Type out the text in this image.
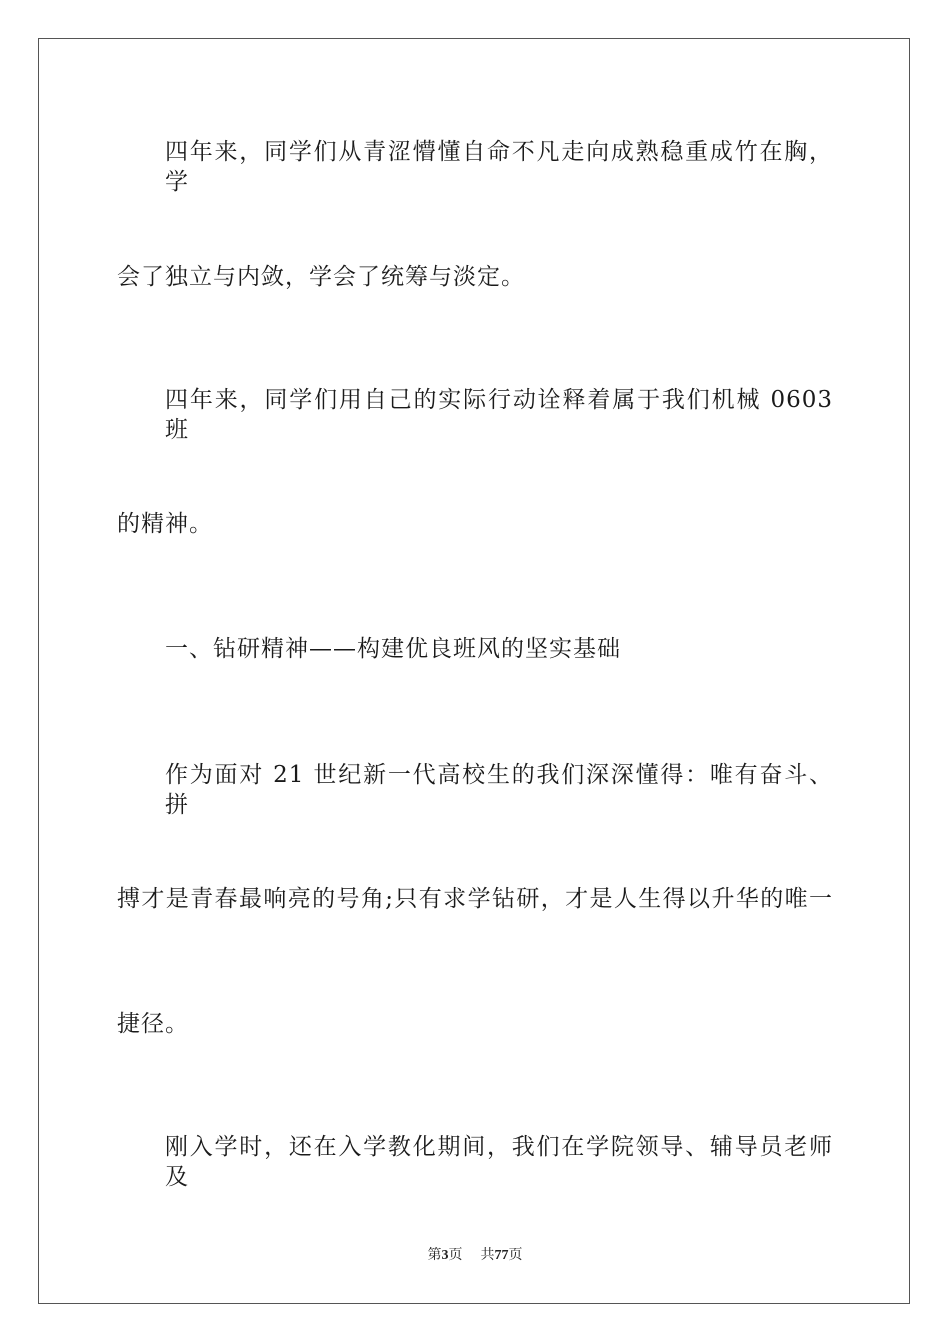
四年来，同学们从青涩懵懂自命不凡走向成熟稳重成竹在胸，学
会了独立与内敛，学会了统筹与淡定。
四年来，同学们用自己的实际行动诠释着属于我们机械 0603 班
的精神。
一、钻研精神——构建优良班风的坚实基础
作为面对 21 世纪新一代高校生的我们深深懂得：唯有奋斗、拼
搏才是青春最响亮的号角;只有求学钻研，才是人生得以升华的唯一
捷径。
刚入学时，还在入学教化期间，我们在学院领导、辅导员老师及
第3页 共77页
